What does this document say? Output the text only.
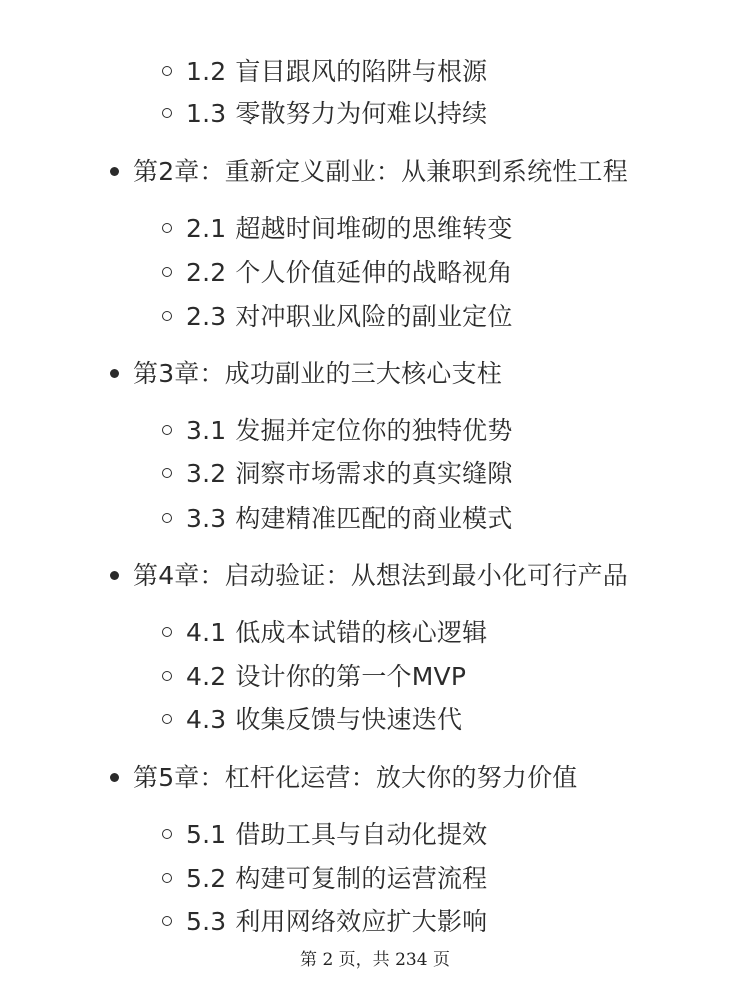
1.2 盲目跟风的陷阱与根源
1.3 零散努力为何难以持续
第2章：重新定义副业：从兼职到系统性工程
2.1 超越时间堆砌的思维转变
2.2 个人价值延伸的战略视角
2.3 对冲职业风险的副业定位
第3章：成功副业的三大核心支柱
3.1 发掘并定位你的独特优势
3.2 洞察市场需求的真实缝隙
3.3 构建精准匹配的商业模式
第4章：启动验证：从想法到最小化可行产品
4.1 低成本试错的核心逻辑
4.2 设计你的第一个MVP
4.3 收集反馈与快速迭代
第5章：杠杆化运营：放大你的努力价值
5.1 借助工具与自动化提效
5.2 构建可复制的运营流程
5.3 利用网络效应扩大影响
第 2 页，共 234 页
